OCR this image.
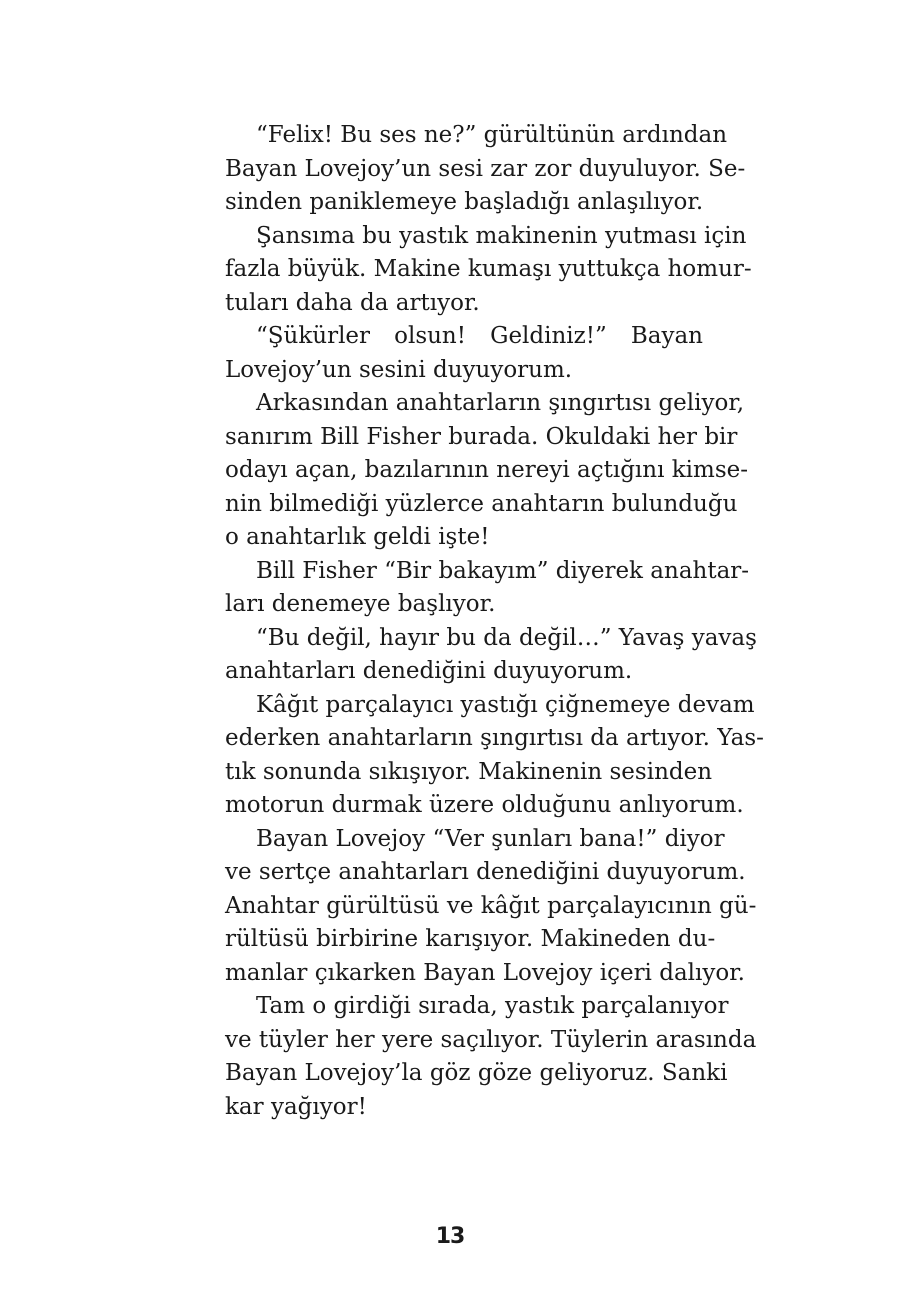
“Felix! Bu ses ne?” gürültünün ardından
Bayan Lovejoy’un sesi zar zor duyuluyor. Se-
sinden paniklemeye başladığı anlaşılıyor.
Şansıma bu yastık makinenin yutması için
fazla büyük. Makine kumaşı yuttukça homur-
tuları daha da artıyor.
“Şükürler olsun! Geldiniz!” Bayan
Lovejoy’un sesini duyuyorum.
Arkasından anahtarların şıngırtısı geliyor,
sanırım Bill Fisher burada. Okuldaki her bir
odayı açan, bazılarının nereyi açtığını kimse-
nin bilmediği yüzlerce anahtarın bulunduğu
o anahtarlık geldi işte!
Bill Fisher “Bir bakayım” diyerek anahtar-
ları denemeye başlıyor.
“Bu değil, hayır bu da değil…” Yavaş yavaş
anahtarları denediğini duyuyorum.
Kâğıt parçalayıcı yastığı çiğnemeye devam
ederken anahtarların şıngırtısı da artıyor. Yas-
tık sonunda sıkışıyor. Makinenin sesinden
motorun durmak üzere olduğunu anlıyorum.
Bayan Lovejoy “Ver şunları bana!” diyor
ve sertçe anahtarları denediğini duyuyorum.
Anahtar gürültüsü ve kâğıt parçalayıcının gü-
rültüsü birbirine karışıyor. Makineden du-
manlar çıkarken Bayan Lovejoy içeri dalıyor.
Tam o girdiği sırada, yastık parçalanıyor
ve tüyler her yere saçılıyor. Tüylerin arasında
Bayan Lovejoy’la göz göze geliyoruz. Sanki
kar yağıyor!
13
